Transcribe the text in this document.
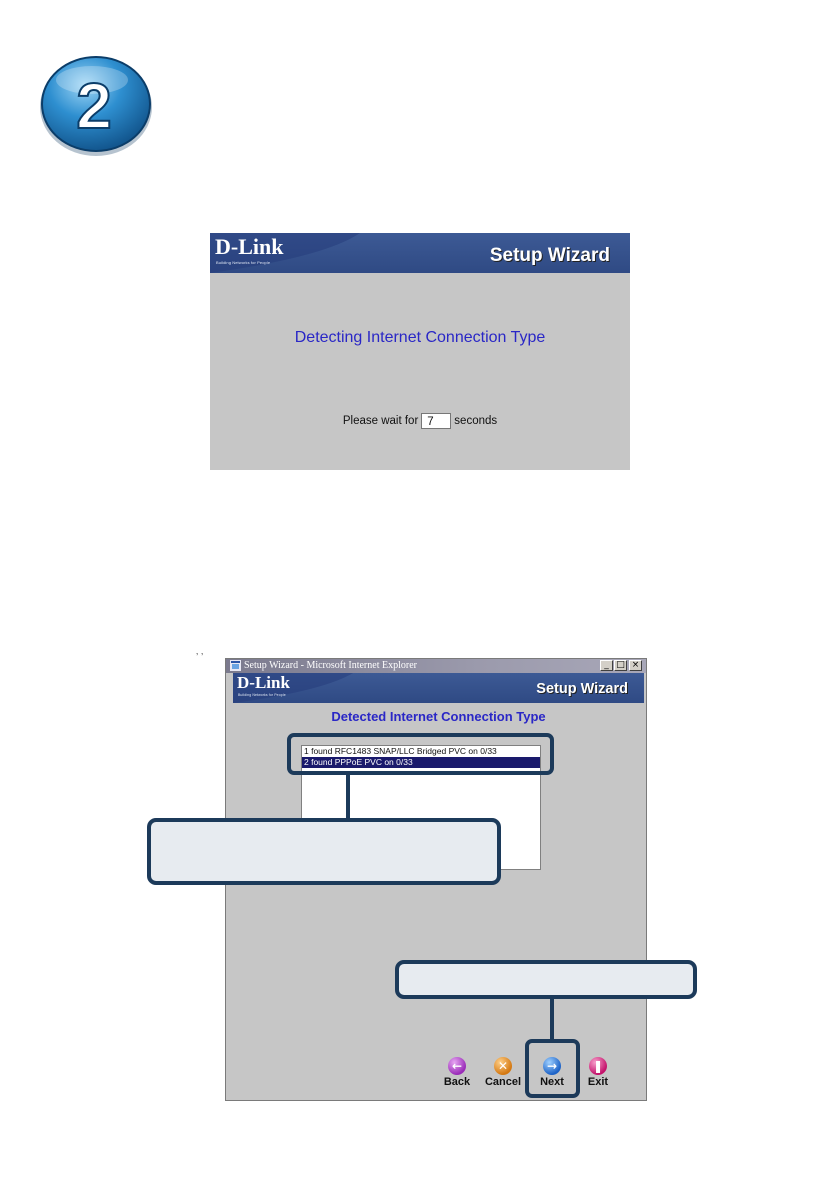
2
D-Link
Building Networks for People	Setup Wizard
Detecting Internet Connection Type
Please wait for 7 seconds
‚ ‚
Setup Wizard - Microsoft Internet Explorer	_ □ ×
D-Link
Building Networks for People	Setup Wizard
Detected Internet Connection Type
1 found RFC1483 SNAP/LLC Bridged PVC on 0/33
2 found PPPoE PVC on 0/33
←
Back
✕
Cancel
→
Next
❚
Exit
